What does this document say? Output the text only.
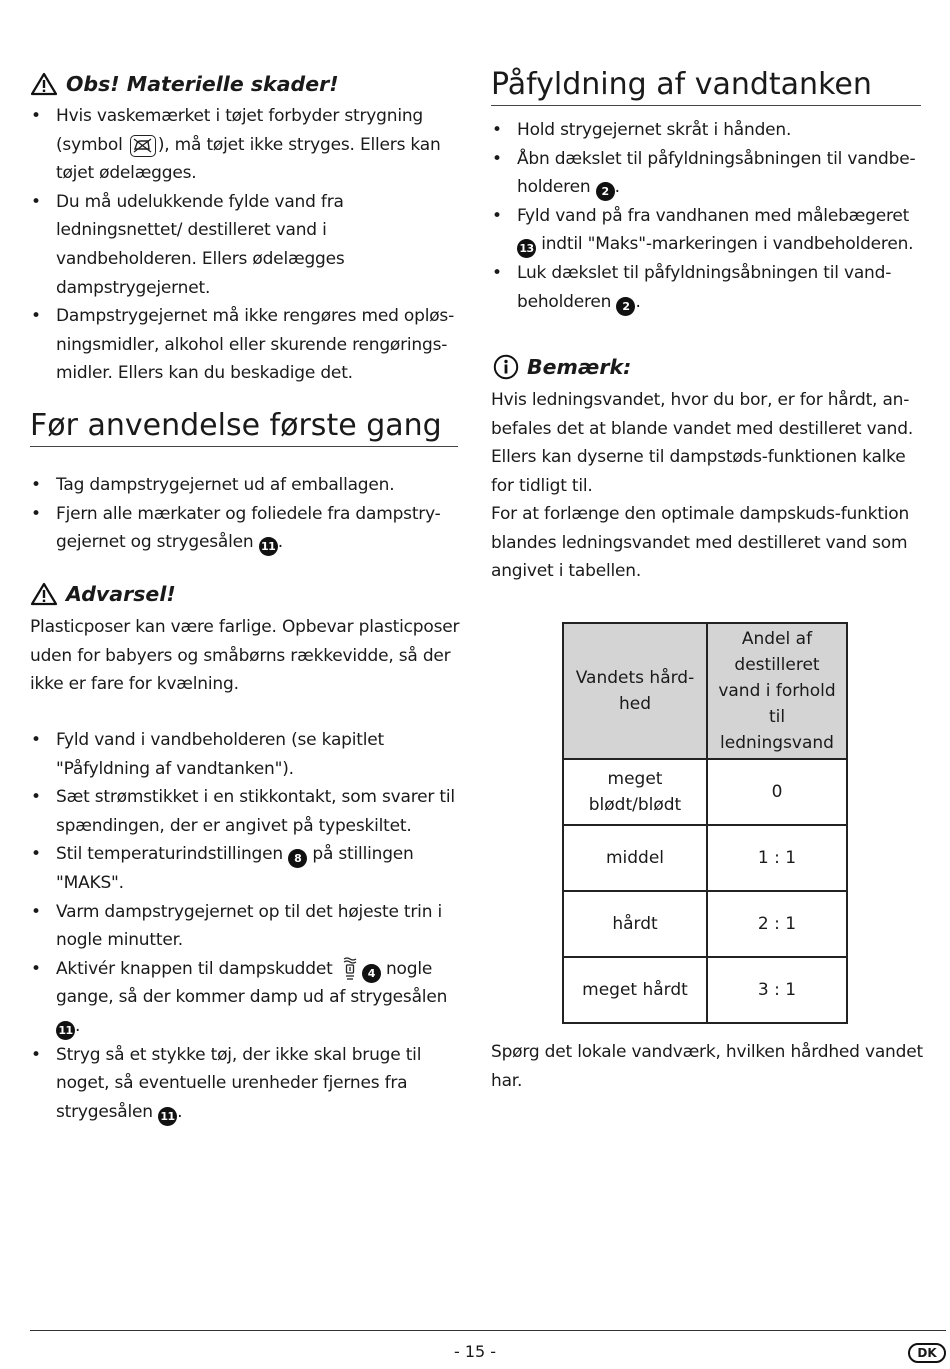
Obs! Materielle skader!
• Hvis vaskemærket i tøjet forbyder strygning (symbol ), må tøjet ikke stryges. Ellers kan tøjet ødelægges.
• Du må udelukkende fylde vand fra ledningsnettet/ destilleret vand i vandbeholderen. Ellers ødelægges dampstrygejernet.
• Dampstrygejernet må ikke rengøres med opløs-ningsmidler, alkohol eller skurende rengørings-midler. Ellers kan du beskadige det.
Før anvendelse første gang
• Tag dampstrygejernet ud af emballagen.
• Fjern alle mærkater og foliedele fra dampstry-gejernet og strygesålen 11 .
Advarsel!

Plasticposer kan være farlige. Opbevar plasticposer uden for babyers og småbørns rækkevidde, så der ikke er fare for kvælning.

• Fyld vand i vandbeholderen (se kapitlet "Påfyldning af vandtanken").
• Sæt strømstikket i en stikkontakt, som svarer til spændingen, der er angivet på typeskiltet.
• Stil temperaturindstillingen 8 på stillingen "MAKS".
• Varm dampstrygejernet op til det højeste trin i nogle minutter.
• Aktivér knappen til dampskuddet	4 nogle gange, så der kommer damp ud af strygesålen 11 .
• Stryg så et stykke tøj, der ikke skal bruge til noget, så eventuelle urenheder fjernes fra strygesålen 11 .
Påfyldning af vandtanken
• Hold strygejernet skråt i hånden.
• Åbn dækslet til påfyldningsåbningen til vandbe-holderen 2 .
• Fyld vand på fra vandhanen med målebægeret 13 indtil "Maks"-markeringen i vandbeholderen.
• Luk dækslet til påfyldningsåbningen til vand-beholderen 2 .
Bemærk:

Hvis ledningsvandet, hvor du bor, er for hårdt, an-befales det at blande vandet med destilleret vand. Ellers kan dyserne til dampstøds-funktionen kalke for tidligt til.

For at forlænge den optimale dampskuds-funktion blandes ledningsvandet med destilleret vand som angivet i tabellen.

Vandets hård-hed	Andel af destilleret vand i forhold til ledningsvand
meget blødt/blødt	0
middel	1 : 1
hårdt	2 : 1
meget hårdt	3 : 1

Spørg det lokale vandværk, hvilken hårdhed vandet har.

- 15 -	DK
